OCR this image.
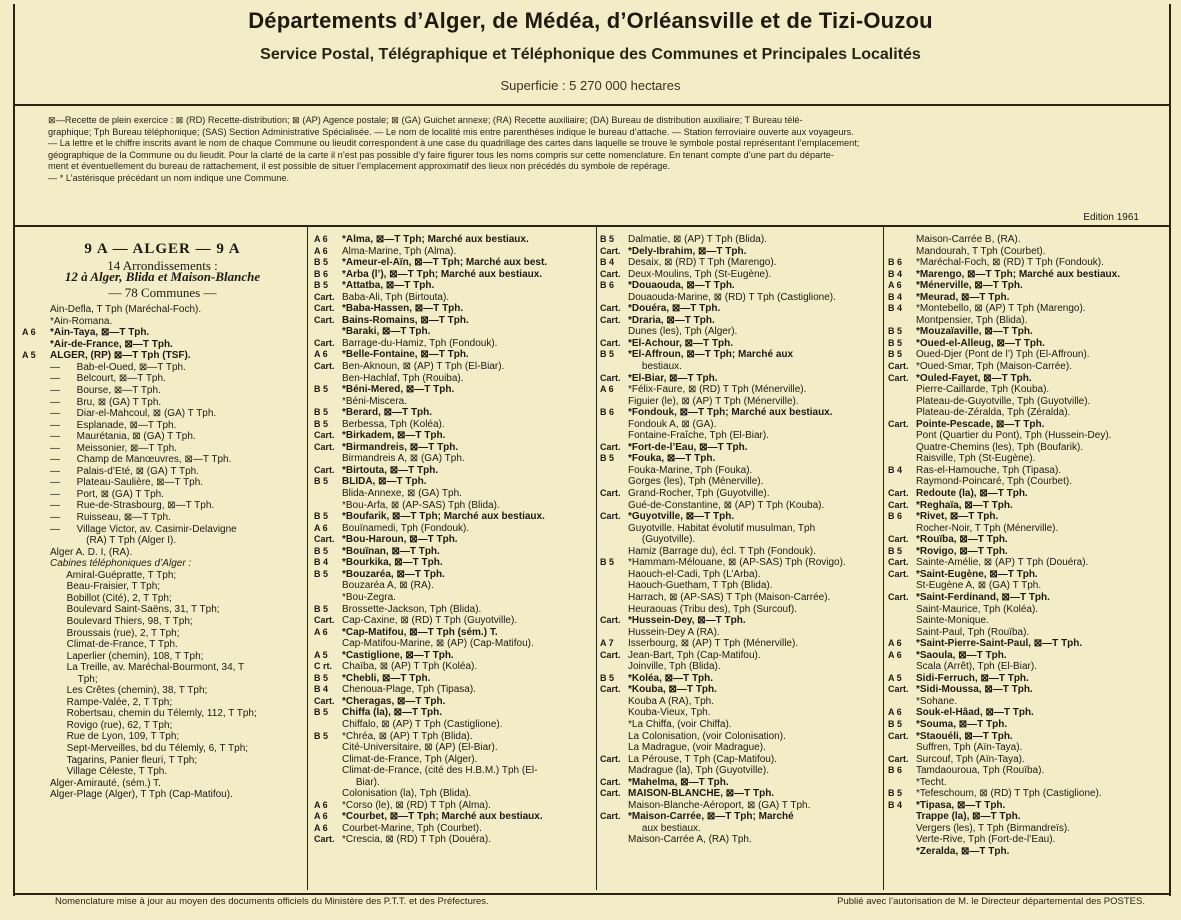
Départements d’Alger, de Médéa, d’Orléansville et de Tizi-Ouzou
Service Postal, Télégraphique et Téléphonique des Communes et Principales Localités
Superficie : 5 270 000 hectares

⊠—Recette de plein exercice : ⊠ (RD) Recette-distribution; ⊠ (AP) Agence postale; ⊠ (GA) Guichet annexe; (RA) Recette auxiliaire; (DA) Bureau de distribution auxiliaire; T Bureau télé-

graphique; Tph Bureau téléphonique; (SAS) Section Administrative Spécialisée. — Le nom de localité mis entre parenthèses indique le bureau d’attache. — Station ferroviaire ouverte aux voyageurs.

— La lettre et le chiffre inscrits avant le nom de chaque Commune ou lieudit correspondent à une case du quadrillage des cartes dans laquelle se trouve le symbole postal représentant l’emplacement;

géographique de la Commune ou du lieudit. Pour la clarté de la carte il n’est pas possible d’y faire figurer tous les noms compris sur cette nomenclature. En tenant compte d’une part du départe-

ment et éventuellement du bureau de rattachement, il est possible de situer l’emplacement approximatif des lieux non précédés du symbole de repérage.

— * L’astérisque précédant un nom indique une Commune.

Edition 1961
9 A — ALGER — 9 A
14 Arrondissements :
12 à Alger, Blida et Maison-Blanche
— 78 Communes —
Ain-Defla, T Tph (Maréchal-Foch).
*Ain-Romana.
A 6	*Ain-Taya, ⊠—T Tph.
*Air-de-France, ⊠—T Tph.
A 5	ALGER, (RP) ⊠—T Tph (TSF).
—      Bab-el-Oued, ⊠—T Tph.
—      Belcourt, ⊠—T Tph.
—      Bourse, ⊠—T Tph.
—      Bru, ⊠ (GA) T Tph.
—      Diar-el-Mahcoul, ⊠ (GA) T Tph.
—      Esplanade, ⊠—T Tph.
—      Maurétania, ⊠ (GA) T Tph.
—      Meissonier, ⊠—T Tph.
—      Champ de Manœuvres, ⊠—T Tph.
—      Palais-d’Été, ⊠ (GA) T Tph.
—      Plateau-Saulière, ⊠—T Tph.
—      Port, ⊠ (GA) T Tph.
—      Rue-de-Strasbourg, ⊠—T Tph.
—      Ruisseau, ⊠—T Tph.
—      Village Victor, av. Casimir-Delavigne
(RA) T Tph (Alger I).
Alger A. D. I, (RA).
Cabines téléphoniques d’Alger :
Amiral-Guépratte, T Tph;
Beau-Fraisier, T Tph;
Bobillot (Cité), 2, T Tph;
Boulevard Saint-Saëns, 31, T Tph;
Boulevard Thiers, 98, T Tph;
Broussais (rue), 2, T Tph;
Climat-de-France, T Tph.
Laperlier (chemin), 108, T Tph;
La Treille, av. Maréchal-Bourmont, 34, T
Tph;
Les Crêtes (chemin), 38, T Tph;
Rampe-Valée, 2, T Tph;
Robertsau, chemin du Télemly, 112, T Tph;
Rovigo (rue), 62, T Tph;
Rue de Lyon, 109, T Tph;
Sept-Merveilles, bd du Télemly, 6, T Tph;
Tagarins, Panier fleuri, T Tph;
Village Céleste, T Tph.
Alger-Amirauté, (sém.) T.
Alger-Plage (Alger), T Tph (Cap-Matifou).
A 6	*Alma, ⊠—T Tph; Marché aux bestiaux.
A 6	Alma-Marine, Tph (Alma).
B 5	*Ameur-el-Aïn, ⊠—T Tph; Marché aux best.
B 6	*Arba (l’), ⊠—T Tph; Marché aux bestiaux.
B 5	*Attatba, ⊠—T Tph.
Cart. Baba-Ali, Tph (Birtouta).
Cart. *Baba-Hassen, ⊠—T Tph.
Cart. Bains-Romains, ⊠—T Tph.
*Baraki, ⊠—T Tph.
Cart. Barrage-du-Hamiz, Tph (Fondouk).
A 6	*Belle-Fontaine, ⊠—T Tph.
Cart. Ben-Aknoun, ⊠ (AP) T Tph (El-Biar).
Ben-Hachlaf, Tph (Rouiba).
B 5	*Béni-Mered, ⊠—T Tph.
*Béni-Miscera.
B 5	*Berard, ⊠—T Tph.
B 5	Berbessa, Tph (Koléa).
Cart. *Birkadem, ⊠—T Tph.
Cart. *Birmandreis, ⊠—T Tph.
Birmandreis A, ⊠ (GA) Tph.
Cart. *Birtouta, ⊠—T Tph.
B 5	BLIDA, ⊠—T Tph.
Blida-Annexe, ⊠ (GA) Tph.
*Bou-Arfa, ⊠ (AP-SAS) Tph (Blida).
B 5	*Boufarik, ⊠—T Tph; Marché aux bestiaux.
A 6	Bouïnamedi, Tph (Fondouk).
Cart. *Bou-Haroun, ⊠—T Tph.
B 5	*Bouïnan, ⊠—T Tph.
B 4	*Bourkika, ⊠—T Tph.
B 5	*Bouzaréa, ⊠—T Tph.
Bouzaréa A, ⊠ (RA).
*Bou-Zegra.
B 5	Brossette-Jackson, Tph (Blida).
Cart. Cap-Caxine, ⊠ (RD) T Tph (Guyotville).
A 6	*Cap-Matifou, ⊠—T Tph (sém.) T.
Cap-Matifou-Marine, ⊠ (AP) (Cap-Matifou).
A 5	*Castiglione, ⊠—T Tph.
C rt.	Chaïba, ⊠ (AP) T Tph (Koléa).
B 5	*Chebli, ⊠—T Tph.
B 4	Chenoua-Plage, Tph (Tipasa).
Cart. *Cheragas, ⊠—T Tph.
B 5	Chiffa (la), ⊠—T Tph.
Chiffalo, ⊠ (AP) T Tph (Castiglione).
B 5	*Chréa, ⊠ (AP) T Tph (Blida).
Cité-Universitaire, ⊠ (AP) (El-Biar).
Climat-de-France, Tph (Alger).
Climat-de-France, (cité des H.B.M.) Tph (El-
Biar).
Colonisation (la), Tph (Blida).
A 6	*Corso (le), ⊠ (RD) T Tph (Alma).
A 6	*Courbet, ⊠—T Tph; Marché aux bestiaux.
A 6	Courbet-Marine, Tph (Courbet).
Cart. *Crescia, ⊠ (RD) T Tph (Douéra).
B 5	Dalmatie, ⊠ (AP) T Tph (Blida).
Cart. *Dely-Ibrahim, ⊠—T Tph.
B 4	Desaix, ⊠ (RD) T Tph (Marengo).
Cart. Deux-Moulins, Tph (St-Eugène).
B 6	*Douaouda, ⊠—T Tph.
Douaouda-Marine, ⊠ (RD) T Tph (Castiglione).
Cart. *Douéra, ⊠—T Tph.
Cart. *Draria, ⊠—T Tph.
Dunes (les), Tph (Alger).
Cart. *El-Achour, ⊠—T Tph.
B 5	*El-Affroun, ⊠—T Tph; Marché aux
bestiaux.
Cart. *El-Biar, ⊠—T Tph.
A 6	*Félix-Faure, ⊠ (RD) T Tph (Ménerville).
Figuier (le), ⊠ (AP) T Tph (Ménerville).
B 6	*Fondouk, ⊠—T Tph; Marché aux bestiaux.
Fondouk A, ⊠ (GA).
Fontaine-Fraîche, Tph (El-Biar).
Cart. *Fort-de-l’Eau, ⊠—T Tph.
B 5	*Fouka, ⊠—T Tph.
Fouka-Marine, Tph (Fouka).
Gorges (les), Tph (Ménerville).
Cart. Grand-Rocher, Tph (Guyotville).
Gué-de-Constantine, ⊠ (AP) T Tph (Kouba).
Cart. *Guyotville, ⊠—T Tph.
Guyotville. Habitat évolutif musulman, Tph
(Guyotville).
Hamiz (Barrage du), écl. T Tph (Fondouk).
B 5	*Hammam-Mélouane, ⊠ (AP-SAS) Tph (Rovigo).
Haouch-el-Cadi, Tph (L’Arba).
Haouch-Guetham, T Tph (Blida).
Harrach, ⊠ (AP-SAS) T Tph (Maison-Carrée).
Heuraouas (Tribu des), Tph (Surcouf).
Cart. *Hussein-Dey, ⊠—T Tph.
Hussein-Dey A (RA).
A 7	Isserbourg, ⊠ (AP) T Tph (Ménerville).
Cart. Jean-Bart, Tph (Cap-Matifou).
Joinville, Tph (Blida).
B 5	*Koléa, ⊠—T Tph.
Cart. *Kouba, ⊠—T Tph.
Kouba A (RA), Tph.
Kouba-Vieux, Tph.
*La Chiffa, (voir Chiffa).
La Colonisation, (voir Colonisation).
La Madrague, (voir Madrague).
Cart. La Pérouse, T Tph (Cap-Matifou).
Madrague (la), Tph (Guyotville).
Cart. *Mahelma, ⊠—T Tph.
Cart. MAISON-BLANCHE, ⊠—T Tph.
Maison-Blanche-Aéroport, ⊠ (GA) T Tph.
Cart. *Maison-Carrée, ⊠—T Tph; Marché
aux bestiaux.
Maison-Carrée A, (RA) Tph.
Maison-Carrée B, (RA).
Mandourah, T Tph (Courbet).
B 6	*Maréchal-Foch, ⊠ (RD) T Tph (Fondouk).
B 4	*Marengo, ⊠—T Tph; Marché aux bestiaux.
A 6	*Ménerville, ⊠—T Tph.
B 4	*Meurad, ⊠—T Tph.
B 4	*Montebello, ⊠ (AP) T Tph (Marengo).
Montpensier, Tph (Blida).
B 5	*Mouzaïaville, ⊠—T Tph.
B 5	*Oued-el-Alleug, ⊠—T Tph.
B 5	Oued-Djer (Pont de l’) Tph (El-Affroun).
Cart. *Oued-Smar, Tph (Maison-Carrée).
Cart. *Ouled-Fayet, ⊠—T Tph.
Pierre-Caillarde, Tph (Kouba).
Plateau-de-Guyotville, Tph (Guyotville).
Plateau-de-Zéralda, Tph (Zéralda).
Cart. Pointe-Pescade, ⊠—T Tph.
Pont (Quartier du Pont), Tph (Hussein-Dey).
Quatre-Chemins (les), Tph (Boufarik).
Raisville, Tph (St-Eugène).
B 4	Ras-el-Hamouche, Tph (Tipasa).
Raymond-Poincaré, Tph (Courbet).
Cart. Redoute (la), ⊠—T Tph.
Cart. *Reghaïa, ⊠—T Tph.
B 6	*Rivet, ⊠—T Tph.
Rocher-Noir, T Tph (Ménerville).
Cart. *Rouïba, ⊠—T Tph.
B 5	*Rovigo, ⊠—T Tph.
Cart. Sainte-Amélie, ⊠ (AP) T Tph (Douéra).
Cart. *Saint-Eugène, ⊠—T Tph.
St-Eugène A, ⊠ (GA) T Tph.
Cart. *Saint-Ferdinand, ⊠—T Tph.
Saint-Maurice, Tph (Koléa).
Sainte-Monique.
Saint-Paul, Tph (Rouïba).
A 6	*Saint-Pierre-Saint-Paul, ⊠—T Tph.
A 6	*Saoula, ⊠—T Tph.
Scala (Arrêt), Tph (El-Biar).
A 5	Sidi-Ferruch, ⊠—T Tph.
Cart. *Sidi-Moussa, ⊠—T Tph.
*Sohane.
A 6	Souk-el-Hâad, ⊠—T Tph.
B 5	*Souma, ⊠—T Tph.
Cart. *Staouéli, ⊠—T Tph.
Suffren, Tph (Aïn-Taya).
Cart. Surcouf, Tph (Aïn-Taya).
B 6	Tamdaouroua, Tph (Rouïba).
*Techt.
B 5	*Tefeschoum, ⊠ (RD) T Tph (Castiglione).
B 4	*Tipasa, ⊠—T Tph.
Trappe (la), ⊠—T Tph.
Vergers (les), T Tph (Birmandreïs).
Verte-Rive, Tph (Fort-de-l’Eau).
*Zeralda, ⊠—T Tph.
Nomenclature mise à jour au moyen des documents officiels du Ministère des P.T.T. et des Préfectures.	Publié avec l’autorisation de M. le Directeur départemental des POSTES.
